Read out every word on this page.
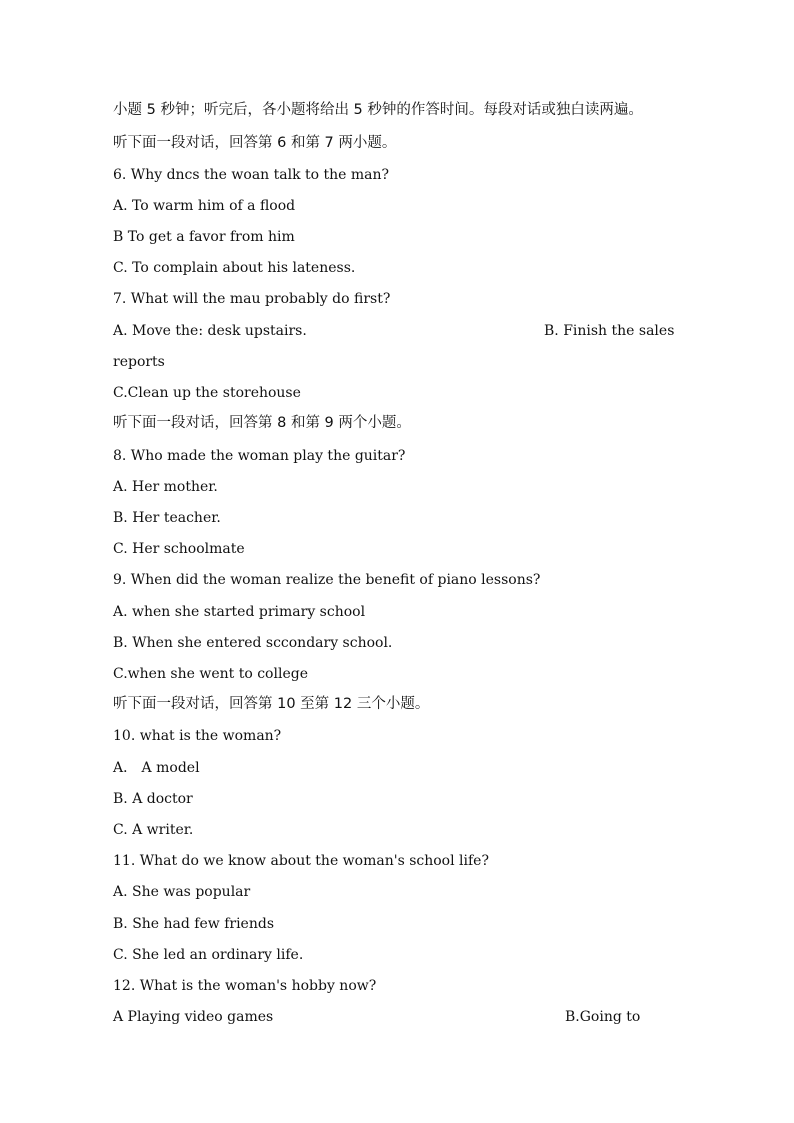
小题 5 秒钟；听完后，各小题将给出 5 秒钟的作答时间。每段对话或独白读两遍。
听下面一段对话，回答第 6 和第 7 两小题。
6. Why dncs the woan talk to the man?
A. To warm him of a flood
B To get a favor from him
C. To complain about his lateness.
7. What will the mau probably do first?
A. Move the: desk upstairs.	B. Finish the sales
reports
C.Clean up the storehouse
听下面一段对话，回答第 8 和第 9 两个小题。
8. Who made the woman play the guitar?
A. Her mother.
B. Her teacher.
C. Her schoolmate
9. When did the woman realize the benefit of piano lessons?
A. when she started primary school
B. When she entered sccondary school.
C.when she went to college
听下面一段对话，回答第 10 至第 12 三个小题。
10. what is the woman?
A． A model
B. A doctor
C. A writer.
11. What do we know about the woman's school life?
A. She was popular
B. She had few friends
C. She led an ordinary life.
12. What is the woman's hobby now?
A Playing video games	B.Going to
